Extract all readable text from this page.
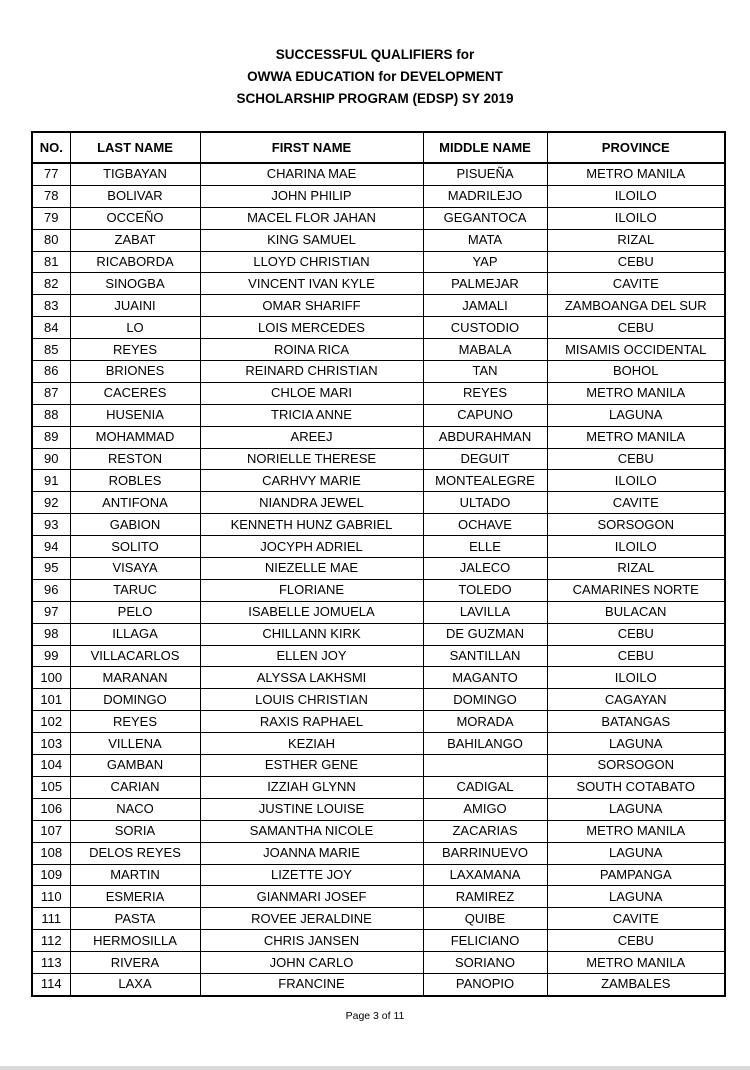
SUCCESSFUL QUALIFIERS for
OWWA EDUCATION for DEVELOPMENT
SCHOLARSHIP PROGRAM (EDSP) SY 2019
NO.	LAST NAME	FIRST NAME	MIDDLE NAME	PROVINCE
77	TIGBAYAN	CHARINA MAE	PISUEÑA	METRO MANILA
78	BOLIVAR	JOHN PHILIP	MADRILEJO	ILOILO
79	OCCEÑO	MACEL FLOR JAHAN	GEGANTOCA	ILOILO
80	ZABAT	KING SAMUEL	MATA	RIZAL
81	RICABORDA	LLOYD CHRISTIAN	YAP	CEBU
82	SINOGBA	VINCENT IVAN KYLE	PALMEJAR	CAVITE
83	JUAINI	OMAR SHARIFF	JAMALI	ZAMBOANGA DEL SUR
84	LO	LOIS MERCEDES	CUSTODIO	CEBU
85	REYES	ROINA RICA	MABALA	MISAMIS OCCIDENTAL
86	BRIONES	REINARD CHRISTIAN	TAN	BOHOL
87	CACERES	CHLOE MARI	REYES	METRO MANILA
88	HUSENIA	TRICIA ANNE	CAPUNO	LAGUNA
89	MOHAMMAD	AREEJ	ABDURAHMAN	METRO MANILA
90	RESTON	NORIELLE THERESE	DEGUIT	CEBU
91	ROBLES	CARHVY MARIE	MONTEALEGRE	ILOILO
92	ANTIFONA	NIANDRA JEWEL	ULTADO	CAVITE
93	GABION	KENNETH HUNZ GABRIEL	OCHAVE	SORSOGON
94	SOLITO	JOCYPH ADRIEL	ELLE	ILOILO
95	VISAYA	NIEZELLE MAE	JALECO	RIZAL
96	TARUC	FLORIANE	TOLEDO	CAMARINES NORTE
97	PELO	ISABELLE JOMUELA	LAVILLA	BULACAN
98	ILLAGA	CHILLANN KIRK	DE GUZMAN	CEBU
99	VILLACARLOS	ELLEN JOY	SANTILLAN	CEBU
100	MARANAN	ALYSSA LAKHSMI	MAGANTO	ILOILO
101	DOMINGO	LOUIS CHRISTIAN	DOMINGO	CAGAYAN
102	REYES	RAXIS RAPHAEL	MORADA	BATANGAS
103	VILLENA	KEZIAH	BAHILANGO	LAGUNA
104	GAMBAN	ESTHER GENE		SORSOGON
105	CARIAN	IZZIAH GLYNN	CADIGAL	SOUTH COTABATO
106	NACO	JUSTINE LOUISE	AMIGO	LAGUNA
107	SORIA	SAMANTHA NICOLE	ZACARIAS	METRO MANILA
108	DELOS REYES	JOANNA MARIE	BARRINUEVO	LAGUNA
109	MARTIN	LIZETTE JOY	LAXAMANA	PAMPANGA
110	ESMERIA	GIANMARI JOSEF	RAMIREZ	LAGUNA
111	PASTA	ROVEE JERALDINE	QUIBE	CAVITE
112	HERMOSILLA	CHRIS JANSEN	FELICIANO	CEBU
113	RIVERA	JOHN CARLO	SORIANO	METRO MANILA
114	LAXA	FRANCINE	PANOPIO	ZAMBALES
Page 3 of 11
